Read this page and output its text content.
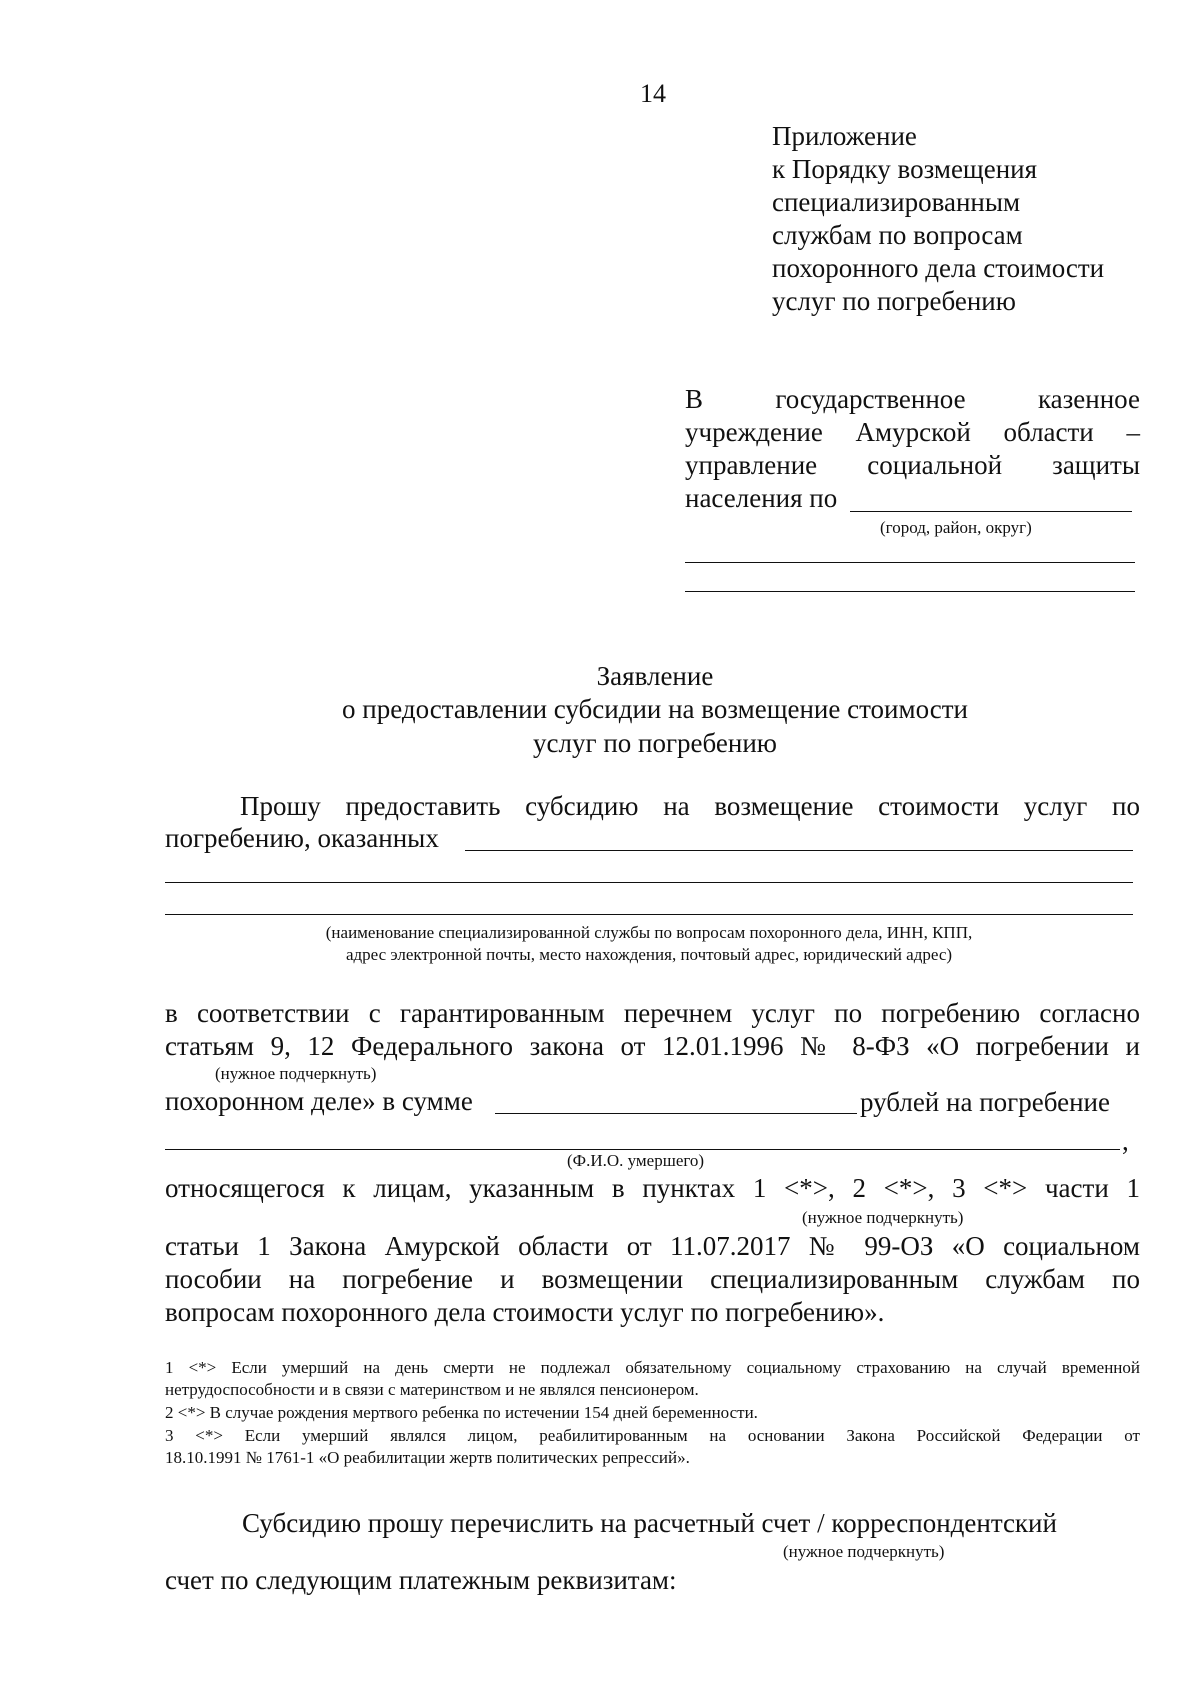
14
Приложение
к Порядку возмещения
специализированным
службам по вопросам
похоронного дела стоимости
услуг по погребению
В	государственное	казенное
учреждение Амурской области –
управление социальной защиты
населения по
(город, район, округ)
Заявление
о предоставлении субсидии на возмещение стоимости
услуг по погребению
Прошу предоставить субсидию на возмещение стоимости услуг по
погребению, оказанных
(наименование специализированной службы по вопросам похоронного дела, ИНН, КПП,
адрес электронной почты, место нахождения, почтовый адрес, юридический адрес)
в соответствии с гарантированным перечнем услуг по погребению согласно
статьям 9, 12 Федерального закона от 12.01.1996 № 8-ФЗ «О погребении и
(нужное подчеркнуть)
похоронном деле» в сумме	рублей на погребение
,
(Ф.И.О. умершего)
относящегося к лицам, указанным в пунктах 1 <*>, 2 <*>, 3 <*> части 1
(нужное подчеркнуть)
статьи 1 Закона Амурской области от 11.07.2017 № 99-ОЗ «О социальном
пособии на погребение и возмещении специализированным службам по
вопросам похоронного дела стоимости услуг по погребению».
1 <*> Если умерший на день смерти не подлежал обязательному социальному страхованию на случай временной
нетрудоспособности и в связи с материнством и не являлся пенсионером.
2 <*> В случае рождения мертвого ребенка по истечении 154 дней беременности.
3 <*> Если умерший являлся лицом, реабилитированным на основании Закона Российской Федерации от
18.10.1991 № 1761-1 «О реабилитации жертв политических репрессий».
Субсидию прошу перечислить на расчетный счет / корреспондентский
(нужное подчеркнуть)
счет по следующим платежным реквизитам:
